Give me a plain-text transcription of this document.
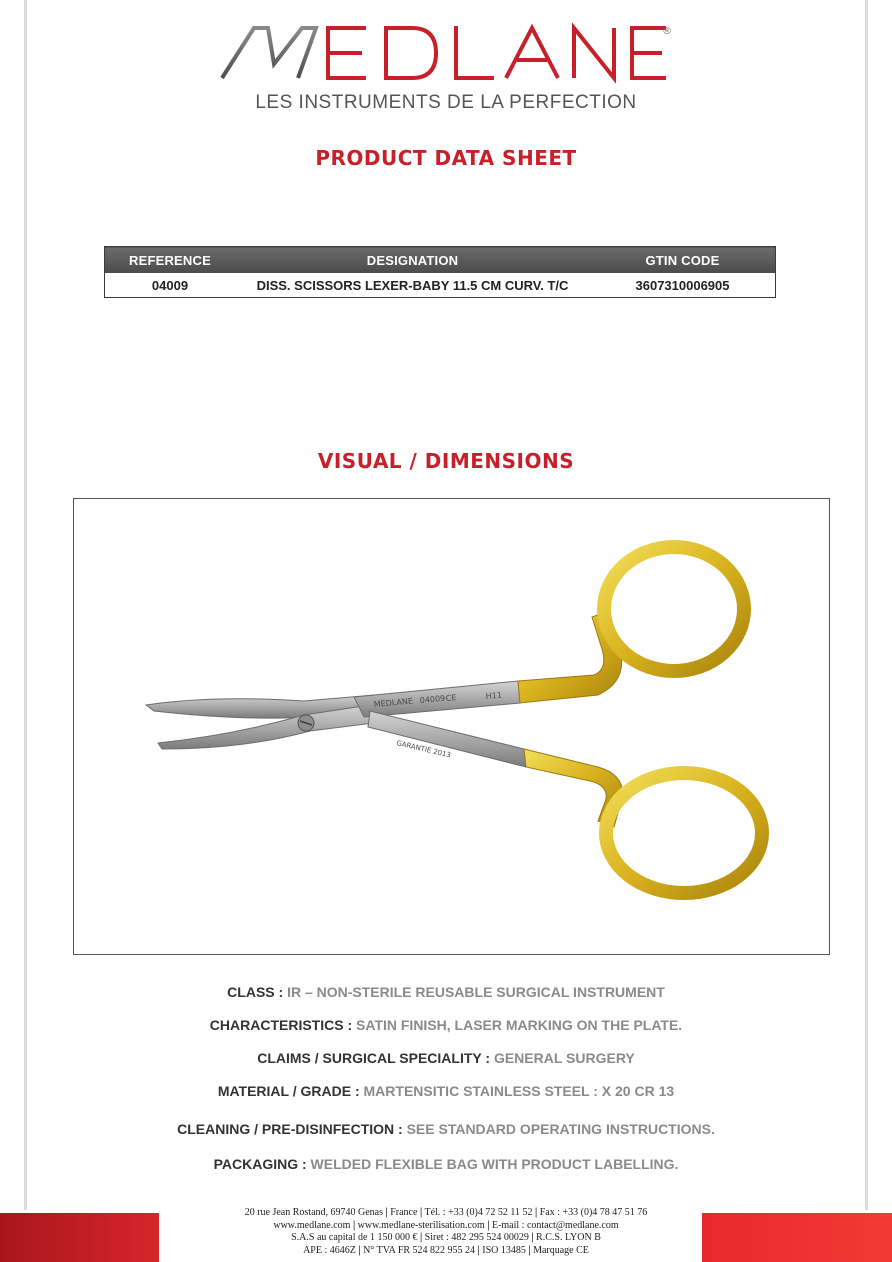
®
LES INSTRUMENTS DE LA PERFECTION
PRODUCT DATA SHEET
REFERENCE	DESIGNATION	GTIN CODE
04009	DISS. SCISSORS LEXER-BABY 11.5 CM CURV. T/C	3607310006905
VISUAL / DIMENSIONS
MEDLANE 04009 CE	H11
GARANTIE 2013
CLASS : IR – NON-STERILE REUSABLE SURGICAL INSTRUMENT
CHARACTERISTICS : SATIN FINISH, LASER MARKING ON THE PLATE.
CLAIMS / SURGICAL SPECIALITY : GENERAL SURGERY
MATERIAL / GRADE : MARTENSITIC STAINLESS STEEL : X 20 CR 13
CLEANING / PRE-DISINFECTION : SEE STANDARD OPERATING INSTRUCTIONS.
PACKAGING : WELDED FLEXIBLE BAG WITH PRODUCT LABELLING.
20 rue Jean Rostand, 69740 Genas | France | Tél. : +33 (0)4 72 52 11 52 | Fax : +33 (0)4 78 47 51 76
www.medlane.com | www.medlane-sterilisation.com | E-mail : contact@medlane.com
S.A.S au capital de 1 150 000 € | Siret : 482 295 524 00029 | R.C.S. LYON B
APE : 4646Z | N° TVA FR 524 822 955 24 | ISO 13485 | Marquage CE
